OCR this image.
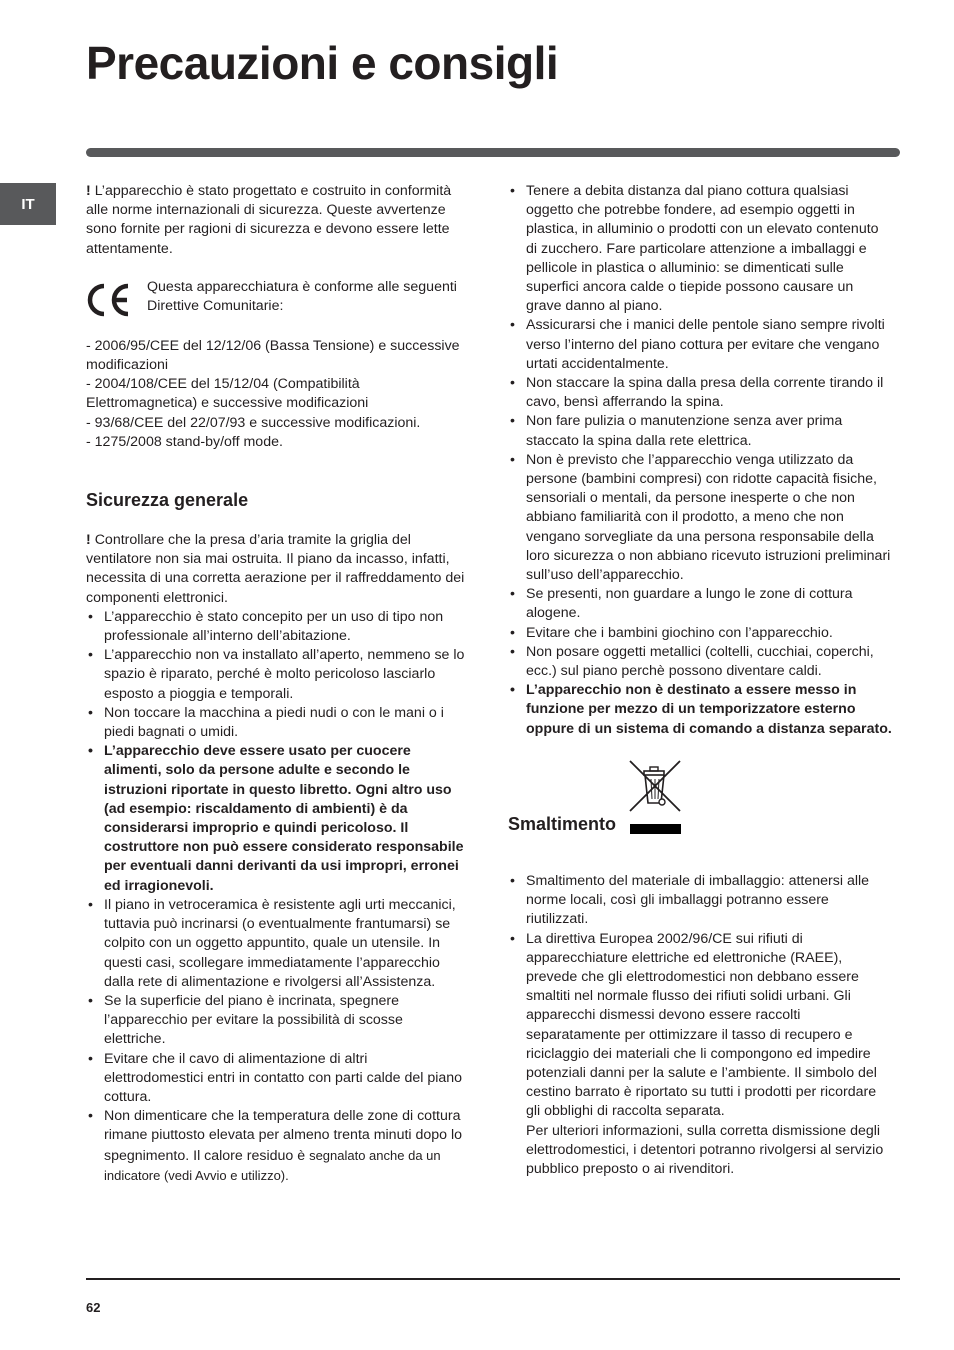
Precauzioni e consigli
IT

! L’apparecchio è stato progettato e costruito in conformità alle norme internazionali di sicurezza. Queste avvertenze sono fornite per ragioni di sicurezza e devono essere lette attentamente.

Questa apparecchiatura è conforme alle seguenti Direttive Comunitarie:

- 2006/95/CEE del 12/12/06 (Bassa Tensione) e successive modificazioni

- 2004/108/CEE del 15/12/04 (Compatibilità Elettromagnetica) e successive modificazioni

- 93/68/CEE del 22/07/93 e successive modificazioni.

- 1275/2008 stand-by/off mode.

Sicurezza generale

! Controllare che la presa d’aria tramite la griglia del ventilatore non sia mai ostruita. Il piano da incasso, infatti, necessita di una corretta aerazione per il raffreddamento dei componenti elettronici.

• L’apparecchio è stato concepito per un uso di tipo non professionale all’interno dell’abitazione.
• L’apparecchio non va installato all’aperto, nemmeno se lo spazio è riparato, perché è molto pericoloso lasciarlo esposto a pioggia e temporali.
• Non toccare la macchina a piedi nudi o con le mani o i piedi bagnati o umidi.
• L’apparecchio deve essere usato per cuocere alimenti, solo da persone adulte e secondo le istruzioni riportate in questo libretto. Ogni altro uso (ad esempio: riscaldamento di ambienti) è da considerarsi improprio e quindi pericoloso. Il costruttore non può essere considerato responsabile per eventuali danni derivanti da usi impropri, erronei ed irragionevoli.
• Il piano in vetroceramica è resistente agli urti meccanici, tuttavia può incrinarsi (o eventualmente frantumarsi) se colpito con un oggetto appuntito, quale un utensile. In questi casi, scollegare immediatamente l’apparecchio dalla rete di alimentazione e rivolgersi all’Assistenza.
• Se la superficie del piano è incrinata, spegnere l’apparecchio per evitare la possibilità di scosse elettriche.
• Evitare che il cavo di alimentazione di altri elettrodomestici entri in contatto con parti calde del piano cottura.
• Non dimenticare che la temperatura delle zone di cottura rimane piuttosto elevata per almeno trenta minuti dopo lo spegnimento. Il calore residuo è segnalato anche da un indicatore (vedi Avvio e utilizzo).
• Tenere a debita distanza dal piano cottura qualsiasi oggetto che potrebbe fondere, ad esempio oggetti in plastica, in alluminio o prodotti con un elevato contenuto di zucchero. Fare particolare attenzione a imballaggi e pellicole in plastica o alluminio: se dimenticati sulle superfici ancora calde o tiepide possono causare un grave danno al piano.
• Assicurarsi che i manici delle pentole siano sempre rivolti verso l’interno del piano cottura per evitare che vengano urtati accidentalmente.
• Non staccare la spina dalla presa della corrente tirando il cavo, bensì afferrando la spina.
• Non fare pulizia o manutenzione senza aver prima staccato la spina dalla rete elettrica.
• Non è previsto che l’apparecchio venga utilizzato da persone (bambini compresi) con ridotte capacità fisiche, sensoriali o mentali, da persone inesperte o che non abbiano familiarità con il prodotto, a meno che non vengano sorvegliate da una persona responsabile della loro sicurezza o non abbiano ricevuto istruzioni preliminari sull’uso dell’apparecchio.
• Se presenti, non guardare a lungo le zone di cottura alogene.
• Evitare che i bambini giochino con l’apparecchio.
• Non posare oggetti metallici (coltelli, cucchiai, coperchi, ecc.) sul piano perchè possono diventare caldi.
• L’apparecchio non è destinato a essere messo in funzione per mezzo di un temporizzatore esterno oppure di un sistema di comando a distanza separato.
Smaltimento
• Smaltimento del materiale di imballaggio: attenersi alle norme locali, così gli imballaggi potranno essere riutilizzati.
• La direttiva Europea 2002/96/CE sui rifiuti di apparecchiature elettriche ed elettroniche (RAEE), prevede che gli elettrodomestici non debbano essere smaltiti nel normale flusso dei rifiuti solidi urbani. Gli apparecchi dismessi devono essere raccolti separatamente per ottimizzare il tasso di recupero e riciclaggio dei materiali che li compongono ed impedire potenziali danni per la salute e l’ambiente. Il simbolo del cestino barrato è riportato su tutti i prodotti per ricordare gli obblighi di raccolta separata.
Per ulteriori informazioni, sulla corretta dismissione degli elettrodomestici, i detentori potranno rivolgersi al servizio pubblico preposto o ai rivenditori.
62
